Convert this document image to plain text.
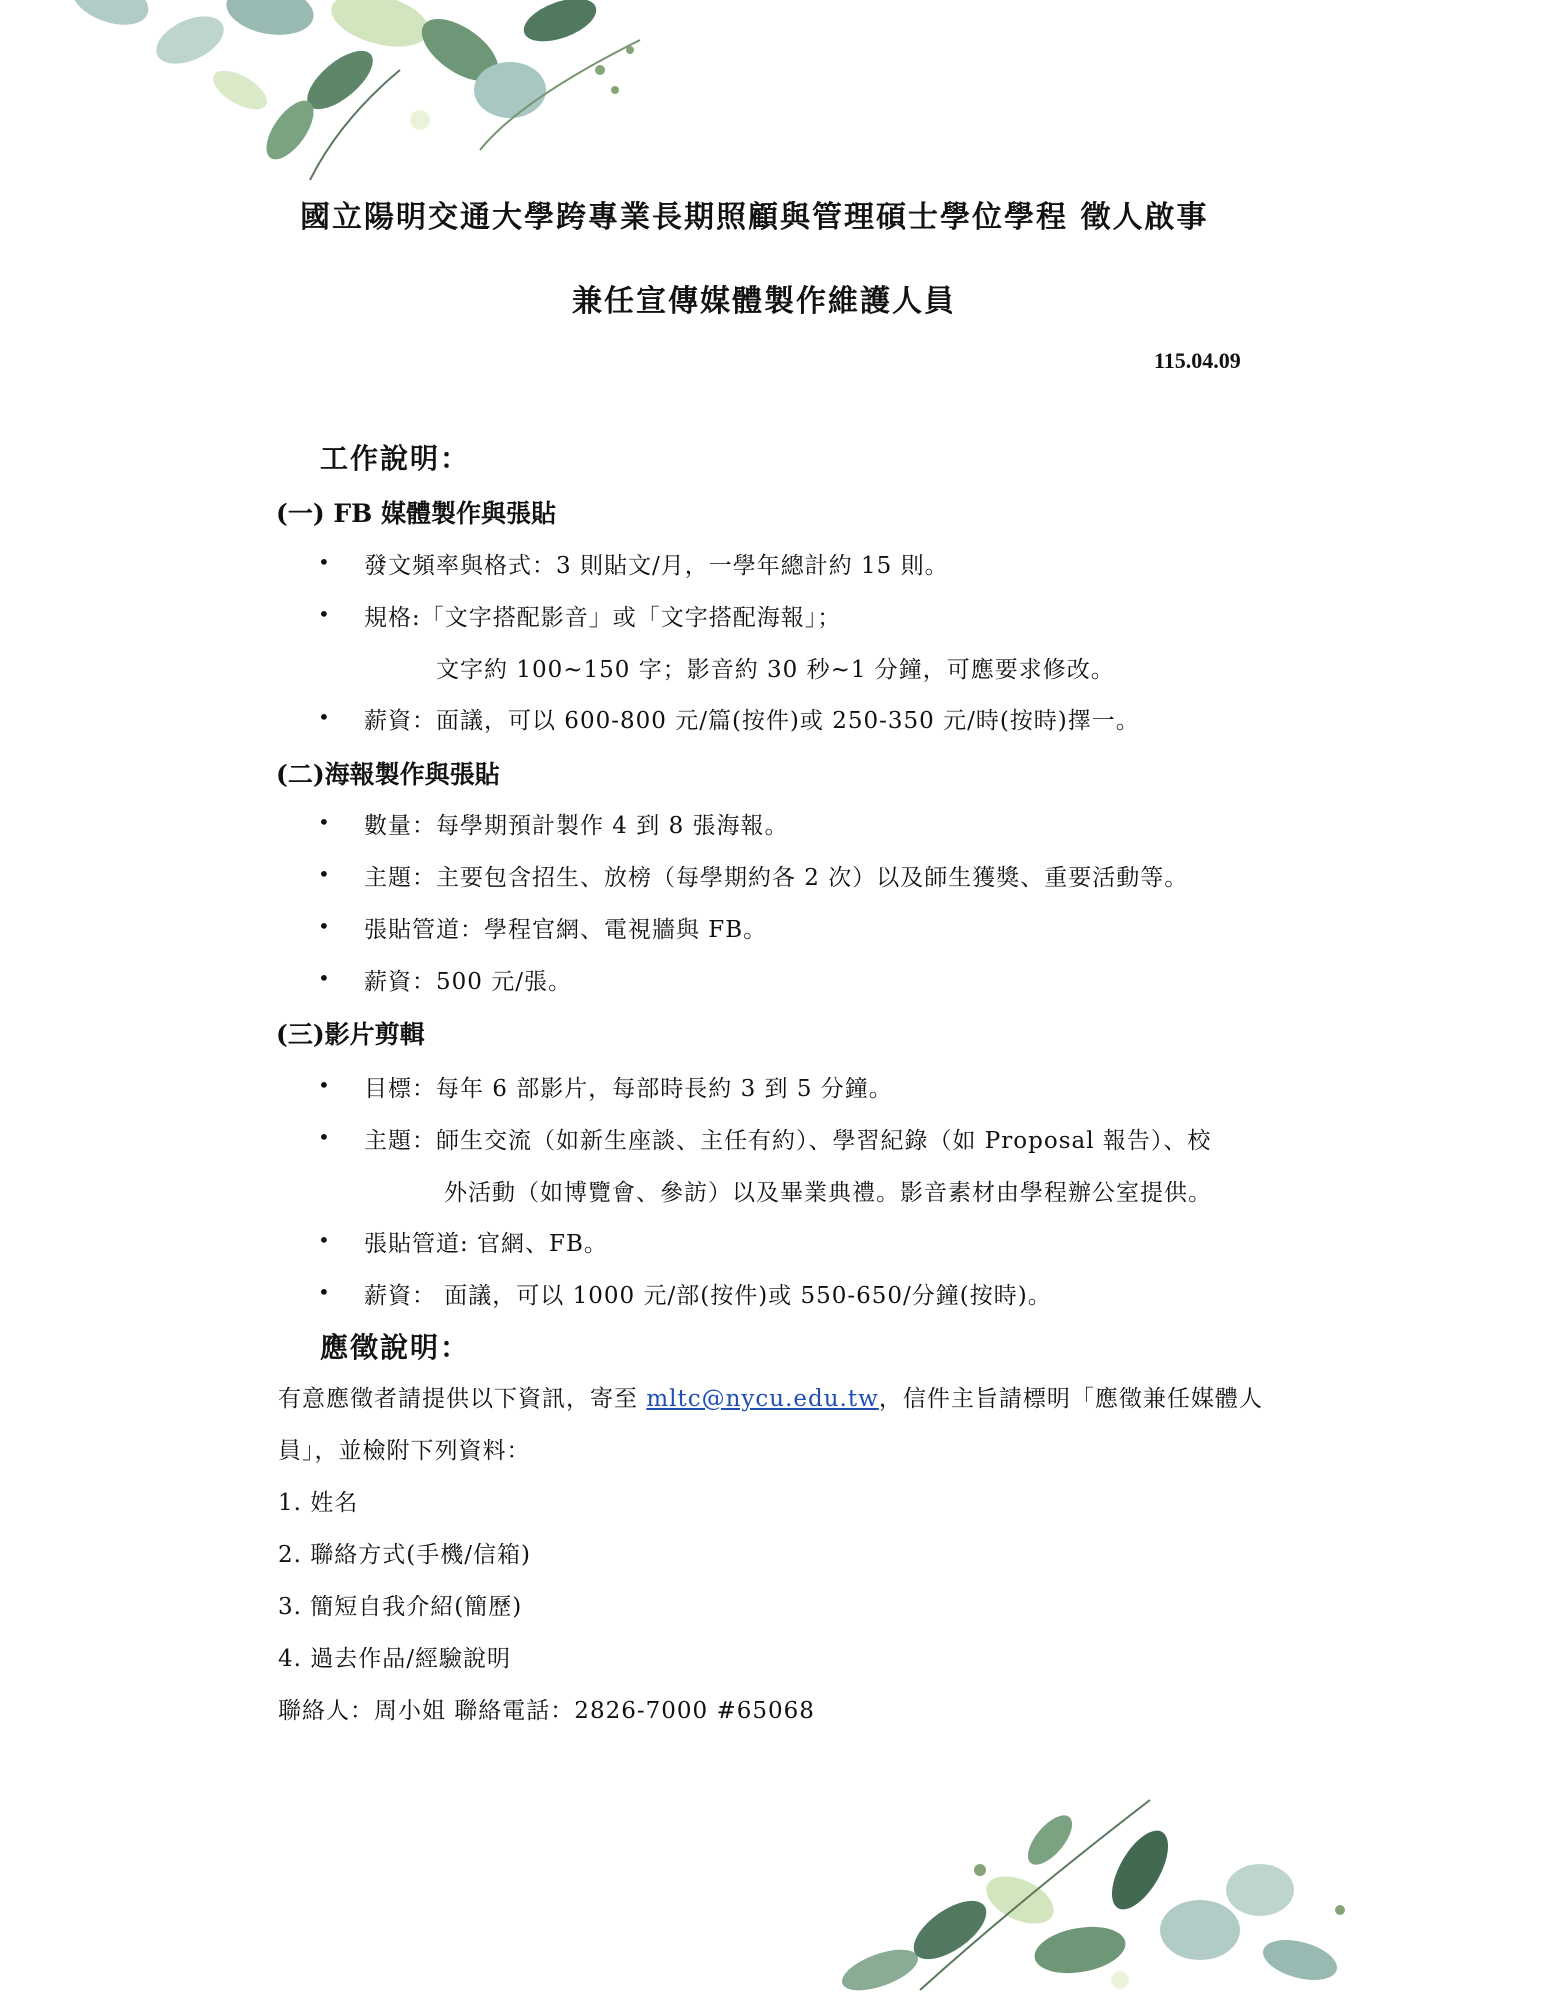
國立陽明交通大學跨專業長期照顧與管理碩士學位學程 徵人啟事
兼任宣傳媒體製作維護人員
115.04.09
工作說明：
(一) FB 媒體製作與張貼
• 發文頻率與格式：3 則貼文/月，一學年總計約 15 則。
• 規格:「文字搭配影音」或「文字搭配海報」；
文字約 100~150 字；影音約 30 秒~1 分鐘，可應要求修改。
• 薪資：面議，可以 600-800 元/篇(按件)或 250-350 元/時(按時)擇一。
(二)海報製作與張貼
• 數量：每學期預計製作 4 到 8 張海報。
• 主題：主要包含招生、放榜（每學期約各 2 次）以及師生獲獎、重要活動等。
• 張貼管道：學程官網、電視牆與 FB。
• 薪資：500 元/張。
(三)影片剪輯
• 目標：每年 6 部影片，每部時長約 3 到 5 分鐘。
• 主題：師生交流（如新生座談、主任有約）、學習紀錄（如 Proposal 報告）、校
外活動（如博覽會、參訪）以及畢業典禮。影音素材由學程辦公室提供。
• 張貼管道: 官網、FB。
• 薪資： 面議，可以 1000 元/部(按件)或 550-650/分鐘(按時)。
應徵說明：
有意應徵者請提供以下資訊，寄至 mltc@nycu.edu.tw，信件主旨請標明「應徵兼任媒體人
員」，並檢附下列資料：
1. 姓名
2. 聯絡方式(手機/信箱)
3. 簡短自我介紹(簡歷)
4. 過去作品/經驗說明
聯絡人：周小姐 聯絡電話：2826-7000 #65068
